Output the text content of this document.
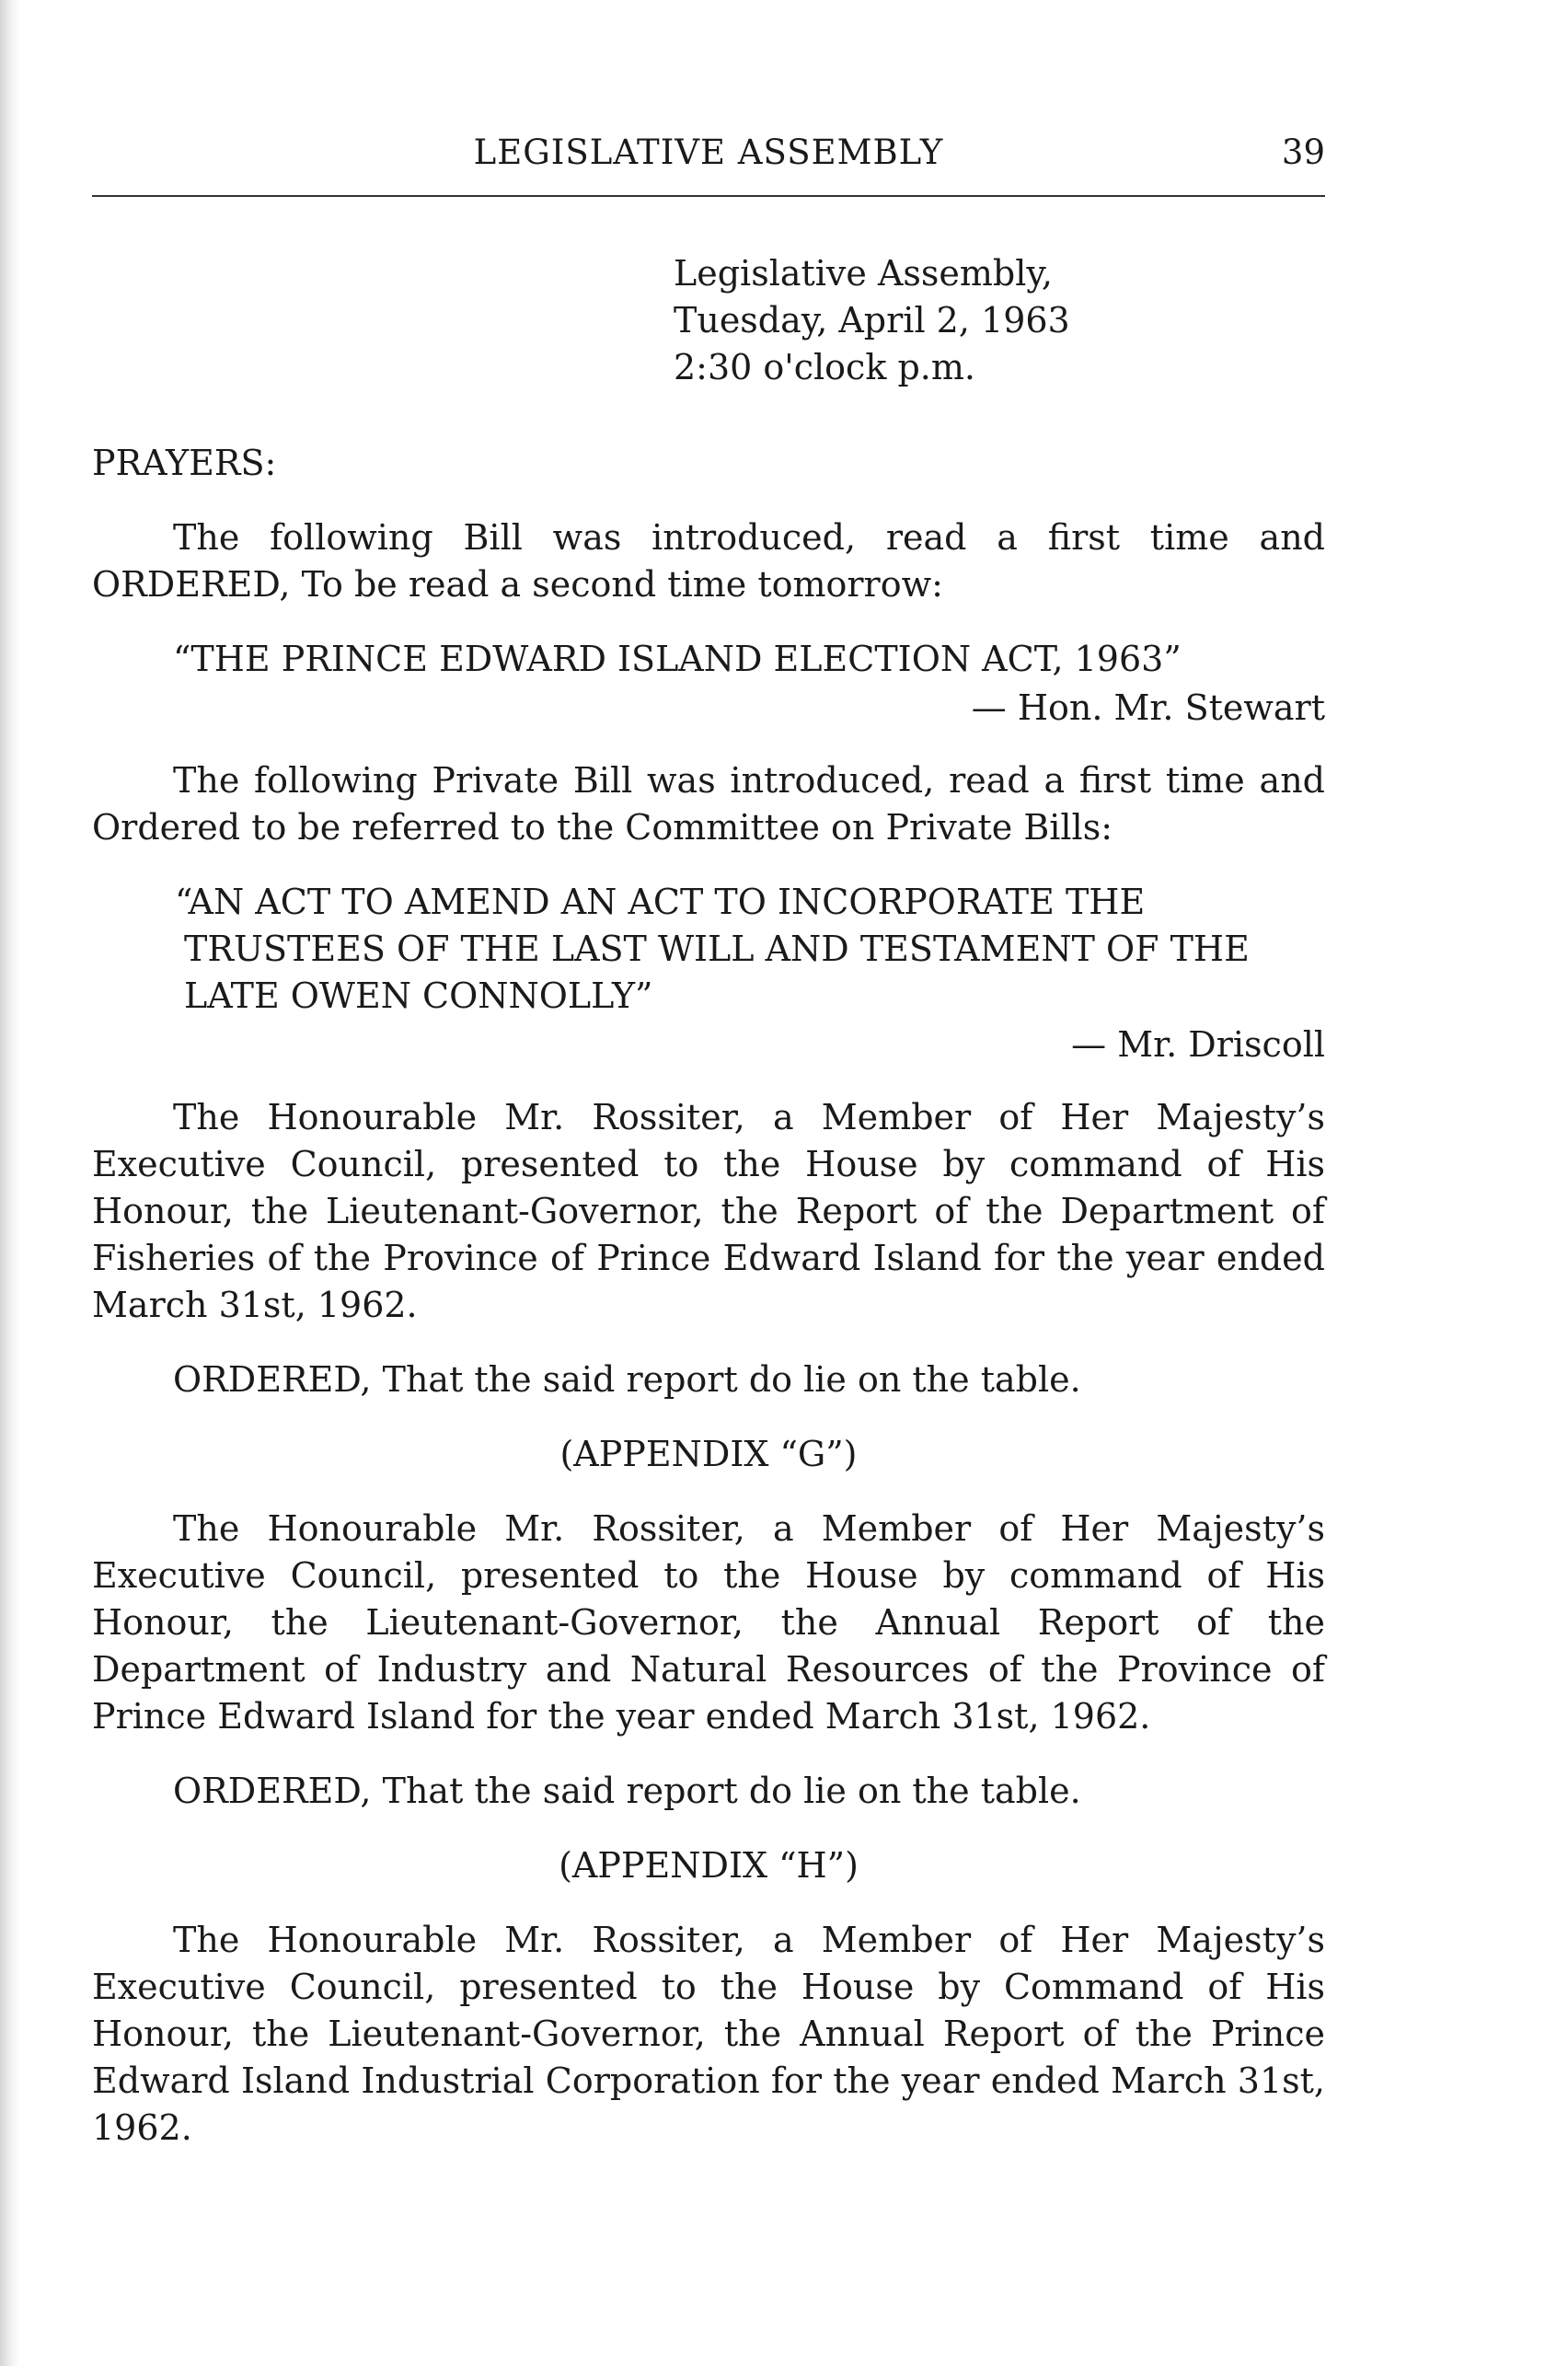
LEGISLATIVE ASSEMBLY	39
Legislative Assembly,
Tuesday, April 2, 1963
2:30 o'clock p.m.

PRAYERS:

The following Bill was introduced, read a first time and ORDERED, To be read a second time tomorrow:

“THE PRINCE EDWARD ISLAND ELECTION ACT, 1963”

— Hon. Mr. Stewart

The following Private Bill was introduced, read a first time and Ordered to be referred to the Committee on Private Bills:

“AN ACT TO AMEND AN ACT TO INCORPORATE THE TRUSTEES OF THE LAST WILL AND TESTAMENT OF THE LATE OWEN CONNOLLY”

— Mr. Driscoll

The Honourable Mr. Rossiter, a Member of Her Majesty’s Executive Council, presented to the House by command of His Honour, the Lieutenant-Governor, the Report of the Department of Fisheries of the Province of Prince Edward Island for the year ended March 31st, 1962.

ORDERED, That the said report do lie on the table.

(APPENDIX “G”)

The Honourable Mr. Rossiter, a Member of Her Majesty’s Executive Council, presented to the House by command of His Honour, the Lieutenant-Governor, the Annual Report of the Department of Industry and Natural Resources of the Province of Prince Edward Island for the year ended March 31st, 1962.

ORDERED, That the said report do lie on the table.

(APPENDIX “H”)

The Honourable Mr. Rossiter, a Member of Her Majesty’s Executive Council, presented to the House by Command of His Honour, the Lieutenant-Governor, the Annual Report of the Prince Edward Island Industrial Corporation for the year ended March 31st, 1962.
